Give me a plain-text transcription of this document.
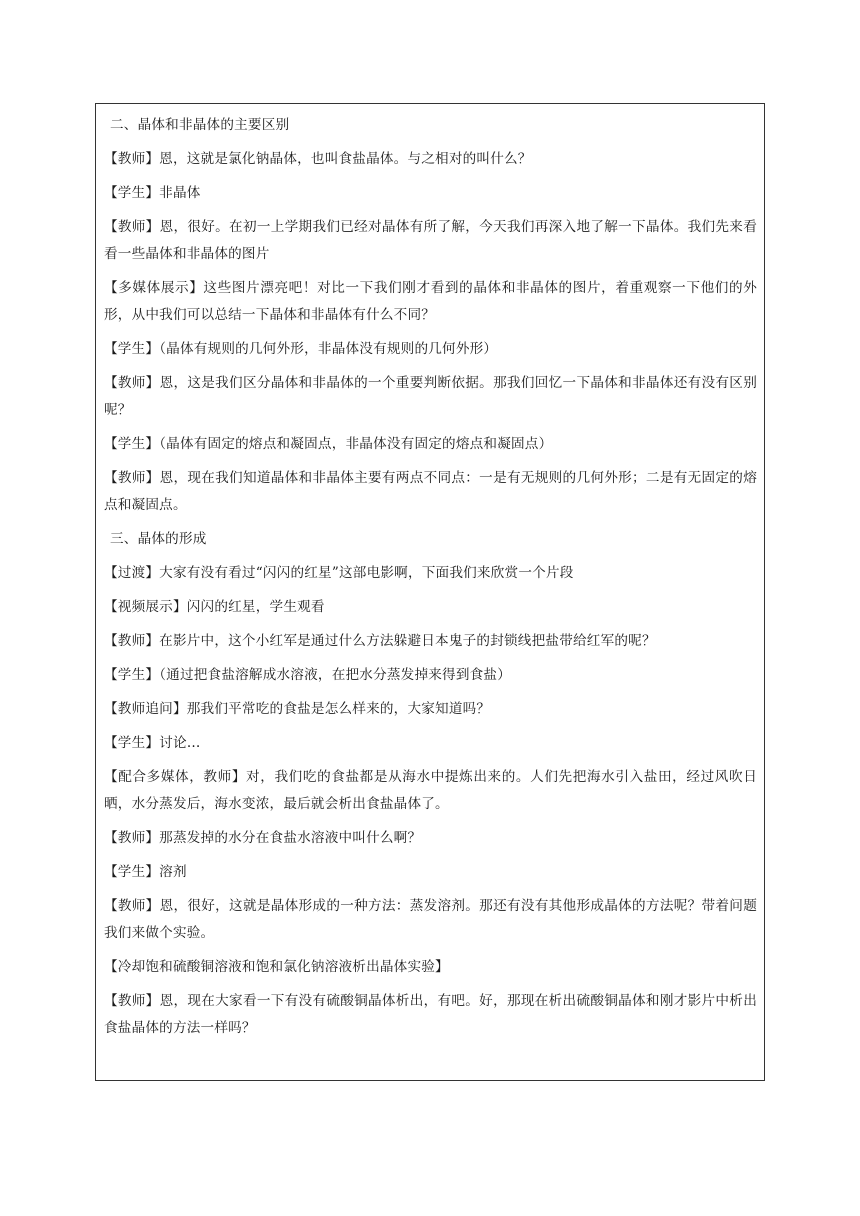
二、晶体和非晶体的主要区别

【教师】恩，这就是氯化钠晶体，也叫食盐晶体。与之相对的叫什么？

【学生】非晶体

【教师】恩，很好。在初一上学期我们已经对晶体有所了解，今天我们再深入地了解一下晶体。我们先来看看一些晶体和非晶体的图片

【多媒体展示】这些图片漂亮吧！对比一下我们刚才看到的晶体和非晶体的图片，着重观察一下他们的外形，从中我们可以总结一下晶体和非晶体有什么不同？

【学生】（晶体有规则的几何外形，非晶体没有规则的几何外形）

【教师】恩，这是我们区分晶体和非晶体的一个重要判断依据。那我们回忆一下晶体和非晶体还有没有区别呢？

【学生】（晶体有固定的熔点和凝固点，非晶体没有固定的熔点和凝固点）

【教师】恩，现在我们知道晶体和非晶体主要有两点不同点：一是有无规则的几何外形；二是有无固定的熔点和凝固点。

三、晶体的形成

【过渡】大家有没有看过“闪闪的红星”这部电影啊，下面我们来欣赏一个片段

【视频展示】闪闪的红星，学生观看

【教师】在影片中，这个小红军是通过什么方法躲避日本鬼子的封锁线把盐带给红军的呢？

【学生】（通过把食盐溶解成水溶液，在把水分蒸发掉来得到食盐）

【教师追问】那我们平常吃的食盐是怎么样来的，大家知道吗？

【学生】讨论…

【配合多媒体，教师】对，我们吃的食盐都是从海水中提炼出来的。人们先把海水引入盐田，经过风吹日晒，水分蒸发后，海水变浓，最后就会析出食盐晶体了。

【教师】那蒸发掉的水分在食盐水溶液中叫什么啊？

【学生】溶剂

【教师】恩，很好，这就是晶体形成的一种方法：蒸发溶剂。那还有没有其他形成晶体的方法呢？带着问题我们来做个实验。

【冷却饱和硫酸铜溶液和饱和氯化钠溶液析出晶体实验】

【教师】恩，现在大家看一下有没有硫酸铜晶体析出，有吧。好，那现在析出硫酸铜晶体和刚才影片中析出食盐晶体的方法一样吗？
